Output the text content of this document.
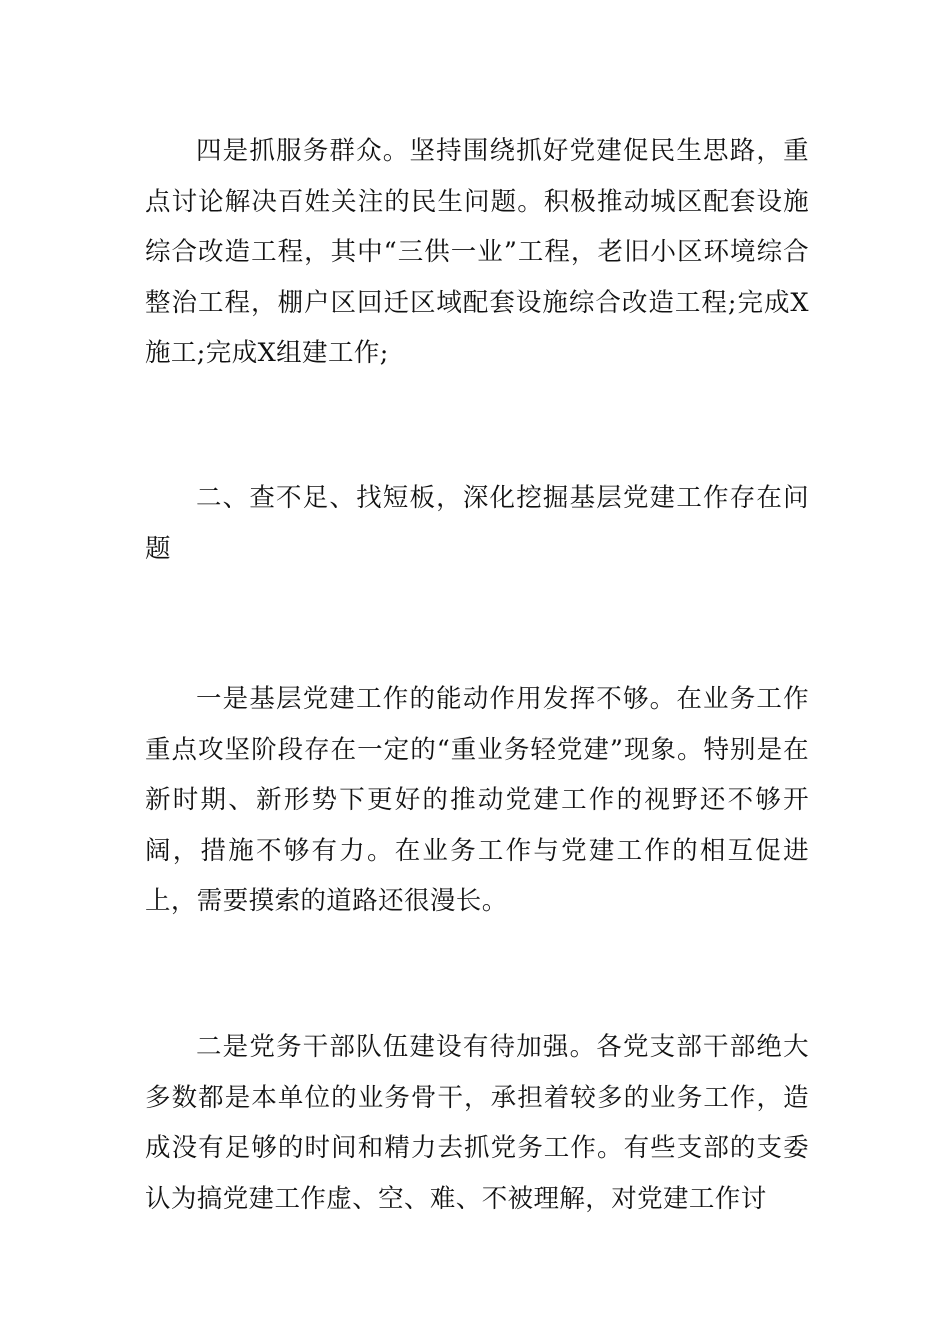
四是抓服务群众。坚持围绕抓好党建促民生思路，重点讨论解决百姓关注的民生问题。积极推动城区配套设施综合改造工程，其中“三供一业”工程，老旧小区环境综合整治工程，棚户区回迁区域配套设施综合改造工程;完成X施工;完成X组建工作;

二、查不足、找短板，深化挖掘基层党建工作存在问题

一是基层党建工作的能动作用发挥不够。在业务工作重点攻坚阶段存在一定的“重业务轻党建”现象。特别是在新时期、新形势下更好的推动党建工作的视野还不够开阔，措施不够有力。在业务工作与党建工作的相互促进上，需要摸索的道路还很漫长。

二是党务干部队伍建设有待加强。各党支部干部绝大多数都是本单位的业务骨干，承担着较多的业务工作，造成没有足够的时间和精力去抓党务工作。有些支部的支委认为搞党建工作虚、空、难、不被理解，对党建工作讨
